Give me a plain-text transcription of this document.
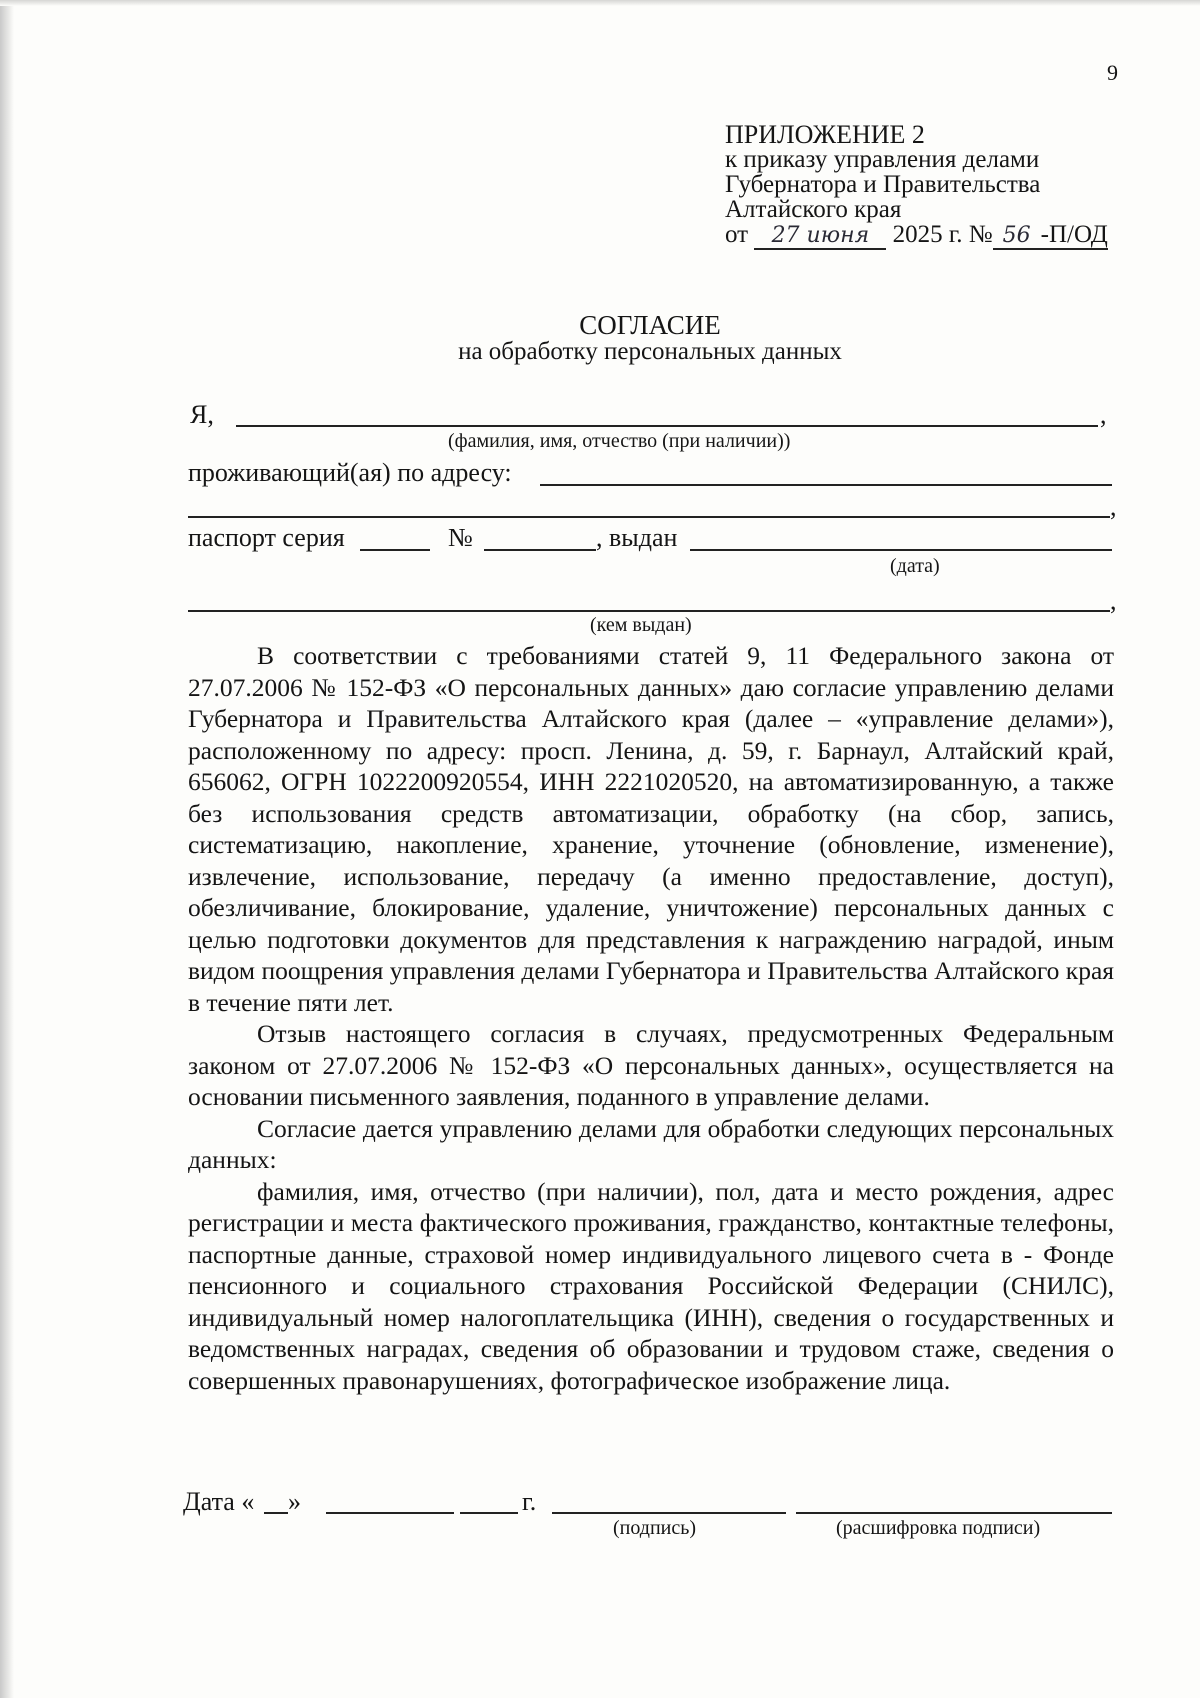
9
ПРИЛОЖЕНИЕ 2
к приказу управления делами
Губернатора и Правительства
Алтайского края
от 27 июня 2025 г. № 56 -П/ОД
СОГЛАСИЕ
на обработку персональных данных
Я,	,
(фамилия, имя, отчество (при наличии))
проживающий(ая) по адресу:
,
паспорт серия	№	, выдан
(дата)
,
(кем выдан)

В соответствии с требованиями статей 9, 11 Федерального закона от 27.07.2006 № 152-ФЗ «О персональных данных» даю согласие управлению делами Губернатора и Правительства Алтайского края (далее – «управление делами»), расположенному по адресу: просп. Ленина, д. 59, г. Барнаул, Алтайский край, 656062, ОГРН 1022200920554, ИНН 2221020520, на автоматизированную, а также без использования средств автоматизации, обработку (на сбор, запись, систематизацию, накопление, хранение, уточнение (обновление, изменение), извлечение, использование, передачу (а именно предоставление, доступ), обезличивание, блокирование, удаление, уничтожение) персональных данных с целью подготовки документов для представления к награждению наградой, иным видом поощрения управления делами Губернатора и Правительства Алтайского края в течение пяти лет.

Отзыв настоящего согласия в случаях, предусмотренных Федеральным законом от 27.07.2006 № 152-ФЗ «О персональных данных», осуществляется на основании письменного заявления, поданного в управление делами.

Согласие дается управлению делами для обработки следующих персональных данных:

фамилия, имя, отчество (при наличии), пол, дата и место рождения, адрес регистрации и места фактического проживания, гражданство, контактные телефоны, паспортные данные, страховой номер индивидуального лицевого счета в - Фонде пенсионного и социального страхования Российской Федерации (СНИЛС), индивидуальный номер налогоплательщика (ИНН), сведения о государственных и ведомственных наградах, сведения об образовании и трудовом стаже, сведения о совершенных правонарушениях, фотографическое изображение лица.

Дата « »	г.
(подпись)	(расшифровка подписи)
